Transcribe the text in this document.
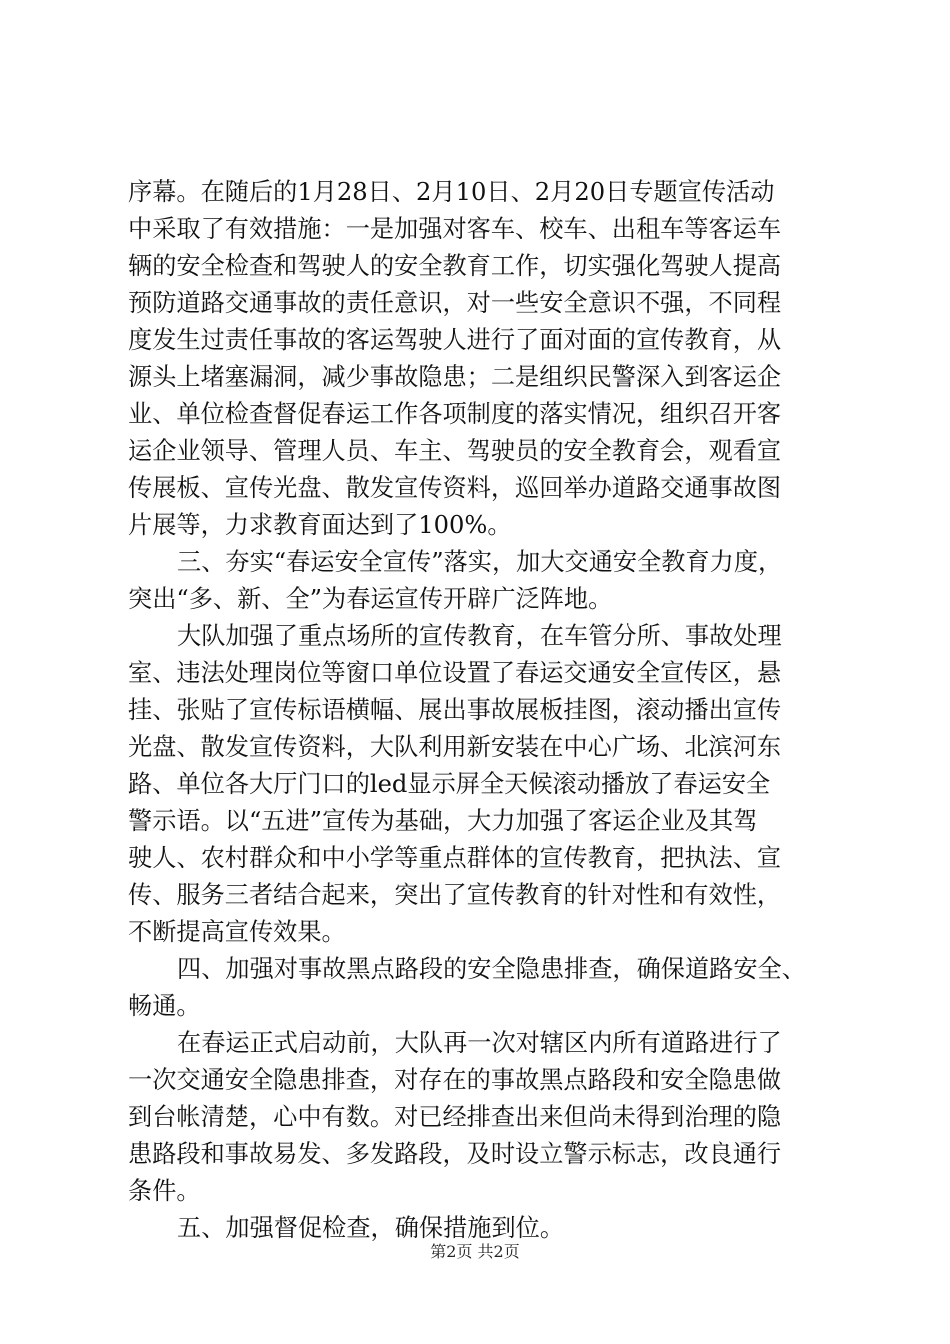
序幕。在随后的1月28日、2月10日、2月20日专题宣传活动
中采取了有效措施：一是加强对客车、校车、出租车等客运车
辆的安全检查和驾驶人的安全教育工作，切实强化驾驶人提高
预防道路交通事故的责任意识，对一些安全意识不强，不同程
度发生过责任事故的客运驾驶人进行了面对面的宣传教育，从
源头上堵塞漏洞，减少事故隐患；二是组织民警深入到客运企
业、单位检查督促春运工作各项制度的落实情况，组织召开客
运企业领导、管理人员、车主、驾驶员的安全教育会，观看宣
传展板、宣传光盘、散发宣传资料，巡回举办道路交通事故图
片展等，力求教育面达到了100%。
三、夯实“春运安全宣传”落实，加大交通安全教育力度，
突出“多、新、全”为春运宣传开辟广泛阵地。
大队加强了重点场所的宣传教育，在车管分所、事故处理
室、违法处理岗位等窗口单位设置了春运交通安全宣传区，悬
挂、张贴了宣传标语横幅、展出事故展板挂图，滚动播出宣传
光盘、散发宣传资料，大队利用新安装在中心广场、北滨河东
路、单位各大厅门口的led显示屏全天候滚动播放了春运安全
警示语。以“五进”宣传为基础，大力加强了客运企业及其驾
驶人、农村群众和中小学等重点群体的宣传教育，把执法、宣
传、服务三者结合起来，突出了宣传教育的针对性和有效性，
不断提高宣传效果。
四、加强对事故黑点路段的安全隐患排查，确保道路安全、
畅通。
在春运正式启动前，大队再一次对辖区内所有道路进行了
一次交通安全隐患排查，对存在的事故黑点路段和安全隐患做
到台帐清楚，心中有数。对已经排查出来但尚未得到治理的隐
患路段和事故易发、多发路段，及时设立警示标志，改良通行
条件。
五、加强督促检查，确保措施到位。
第2页 共2页
